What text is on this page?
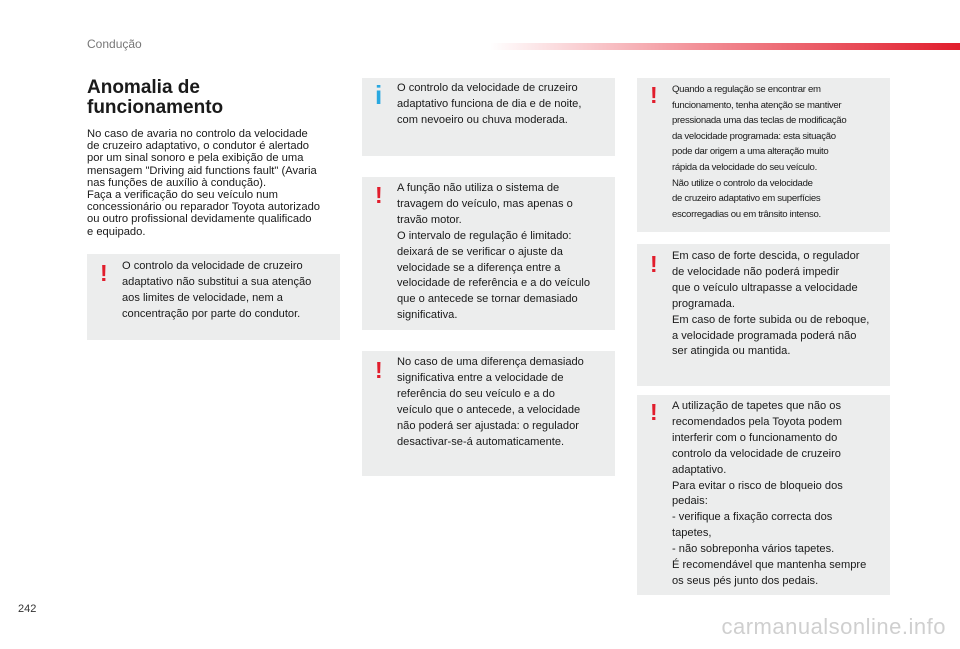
Condução
Anomalia de
funcionamento

No caso de avaria no controlo da velocidade
de cruzeiro adaptativo, o condutor é alertado
por um sinal sonoro e pela exibição de uma
mensagem "Driving aid functions fault" (Avaria
nas funções de auxílio à condução).
Faça a verificação do seu veículo num
concessionário ou reparador Toyota autorizado
ou outro profissional devidamente qualificado
e equipado.

! O controlo da velocidade de cruzeiro
adaptativo não substitui a sua atenção
aos limites de velocidade, nem a
concentração por parte do condutor.

i O controlo da velocidade de cruzeiro
adaptativo funciona de dia e de noite,
com nevoeiro ou chuva moderada.

! A função não utiliza o sistema de
travagem do veículo, mas apenas o
travão motor.
O intervalo de regulação é limitado:
deixará de se verificar o ajuste da
velocidade se a diferença entre a
velocidade de referência e a do veículo
que o antecede se tornar demasiado
significativa.

! No caso de uma diferença demasiado
significativa entre a velocidade de
referência do seu veículo e a do
veículo que o antecede, a velocidade
não poderá ser ajustada: o regulador
desactivar-se-á automaticamente.

! Quando a regulação se encontrar em
funcionamento, tenha atenção se mantiver
pressionada uma das teclas de modificação
da velocidade programada: esta situação
pode dar origem a uma alteração muito
rápida da velocidade do seu veículo.
Não utilize o controlo da velocidade
de cruzeiro adaptativo em superfícies
escorregadias ou em trânsito intenso.

! Em caso de forte descida, o regulador
de velocidade não poderá impedir
que o veículo ultrapasse a velocidade
programada.
Em caso de forte subida ou de reboque,
a velocidade programada poderá não
ser atingida ou mantida.

! A utilização de tapetes que não os
recomendados pela Toyota podem
interferir com o funcionamento do
controlo da velocidade de cruzeiro
adaptativo.
Para evitar o risco de bloqueio dos
pedais:
- verifique a fixação correcta dos
tapetes,
- não sobreponha vários tapetes.
É recomendável que mantenha sempre
os seus pés junto dos pedais.

242
carmanualsonline.info
